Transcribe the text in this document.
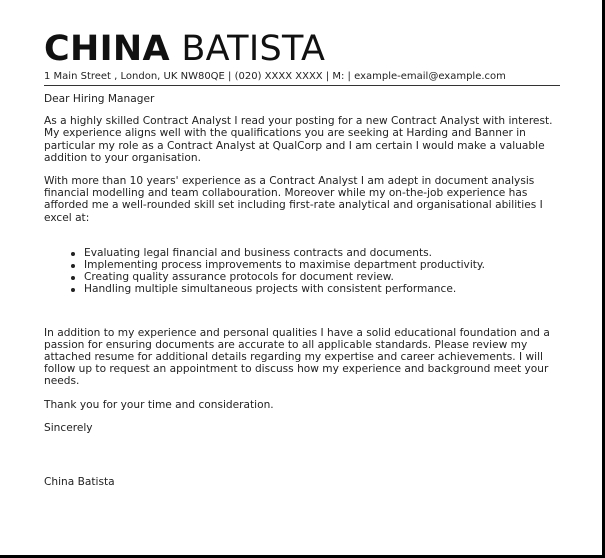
CHINA BATISTA
1 Main Street , London, UK NW80QE | (020) XXXX XXXX | M: | example-email@example.com

Dear Hiring Manager

As a highly skilled Contract Analyst I read your posting for a new Contract Analyst with interest. My experience aligns well with the qualifications you are seeking at Harding and Banner in particular my role as a Contract Analyst at QualCorp and I am certain I would make a valuable addition to your organisation.

With more than 10 years' experience as a Contract Analyst I am adept in document analysis financial modelling and team collabouration. Moreover while my on-the-job experience has afforded me a well-rounded skill set including first-rate analytical and organisational abilities I excel at:

Evaluating legal financial and business contracts and documents.
Implementing process improvements to maximise department productivity.
Creating quality assurance protocols for document review.
Handling multiple simultaneous projects with consistent performance.

In addition to my experience and personal qualities I have a solid educational foundation and a passion for ensuring documents are accurate to all applicable standards. Please review my attached resume for additional details regarding my expertise and career achievements. I will follow up to request an appointment to discuss how my experience and background meet your needs.

Thank you for your time and consideration.

Sincerely

China Batista
